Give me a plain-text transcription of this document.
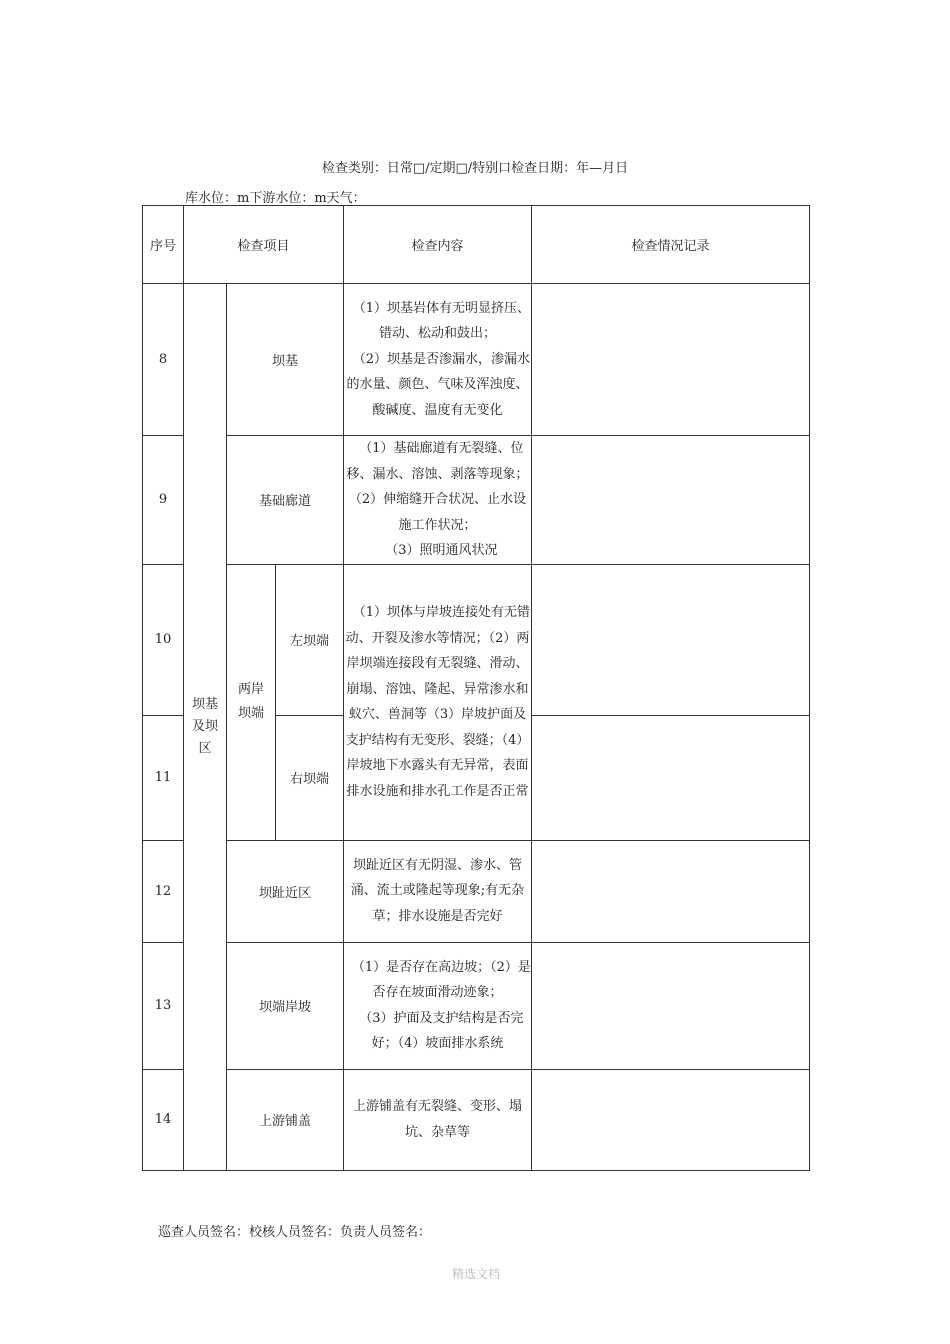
检查类别：日常□/定期□/特别口检查日期：年—月日
库水位：m下游水位：m天气：
序号	检查项目			检查内容	检查情况记录
8	坝基及坝区	坝基		（1）坝基岩体有无明显挤压、错动、松动和鼓出；

（2）坝基是否渗漏水，渗漏水的水量、颜色、气味及浑浊度、酸碱度、温度有无变化	

9		基础廊道		（1）基础廊道有无裂缝、位移、漏水、溶蚀、剥落等现象；（2）伸缩缝开合状况、止水设施工作状况；

（3）照明通风状况	

10		两岸坝端	左坝端	（1）坝体与岸坡连接处有无错动、开裂及渗水等情况；（2）两岸坝端连接段有无裂缝、滑动、崩塌、溶蚀、隆起、异常渗水和蚁穴、兽洞等（3）岸坡护面及支护结构有无变形、裂缝；（4）岸坡地下水露头有无异常，表面排水设施和排水孔工作是否正常	

11			右坝端		
12		坝趾近区		坝趾近区有无阴湿、渗水、管涌、流土或隆起等现象;有无杂草；排水设施是否完好	

13		坝端岸坡		（1）是否存在高边坡；（2）是否存在坡面滑动迹象；

（3）护面及支护结构是否完好；（4）坡面排水系统	

14		上游铺盖		上游铺盖有无裂缝、变形、塌坑、杂草等	

巡查人员签名：校核人员签名：负责人员签名：
精选文档
